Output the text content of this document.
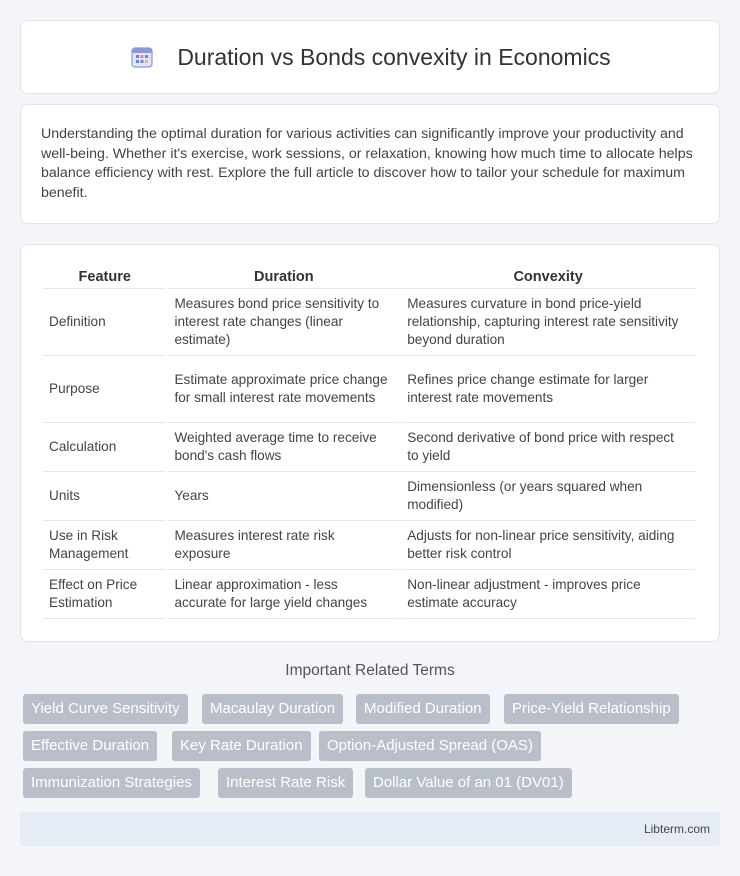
Duration vs Bonds convexity in Economics

Understanding the optimal duration for various activities can significantly improve your productivity and well-being. Whether it's exercise, work sessions, or relaxation, knowing how much time to allocate helps balance efficiency with rest. Explore the full article to discover how to tailor your schedule for maximum benefit.

Feature	Duration	Convexity
Definition	Measures bond price sensitivity to interest rate changes (linear estimate)	Measures curvature in bond price-yield relationship, capturing interest rate sensitivity beyond duration
Purpose	Estimate approximate price change for small interest rate movements	Refines price change estimate for larger interest rate movements
Calculation	Weighted average time to receive bond's cash flows	Second derivative of bond price with respect to yield
Units	Years	Dimensionless (or years squared when modified)
Use in Risk Management	Measures interest rate risk exposure	Adjusts for non-linear price sensitivity, aiding better risk control
Effect on Price Estimation	Linear approximation - less accurate for large yield changes	Non-linear adjustment - improves price estimate accuracy
Important Related Terms
Yield Curve Sensitivity	Macaulay Duration	Modified Duration	Price-Yield Relationship
Effective Duration	Key Rate Duration	Option-Adjusted Spread (OAS)
Immunization Strategies	Interest Rate Risk	Dollar Value of an 01 (DV01)
Libterm.com
